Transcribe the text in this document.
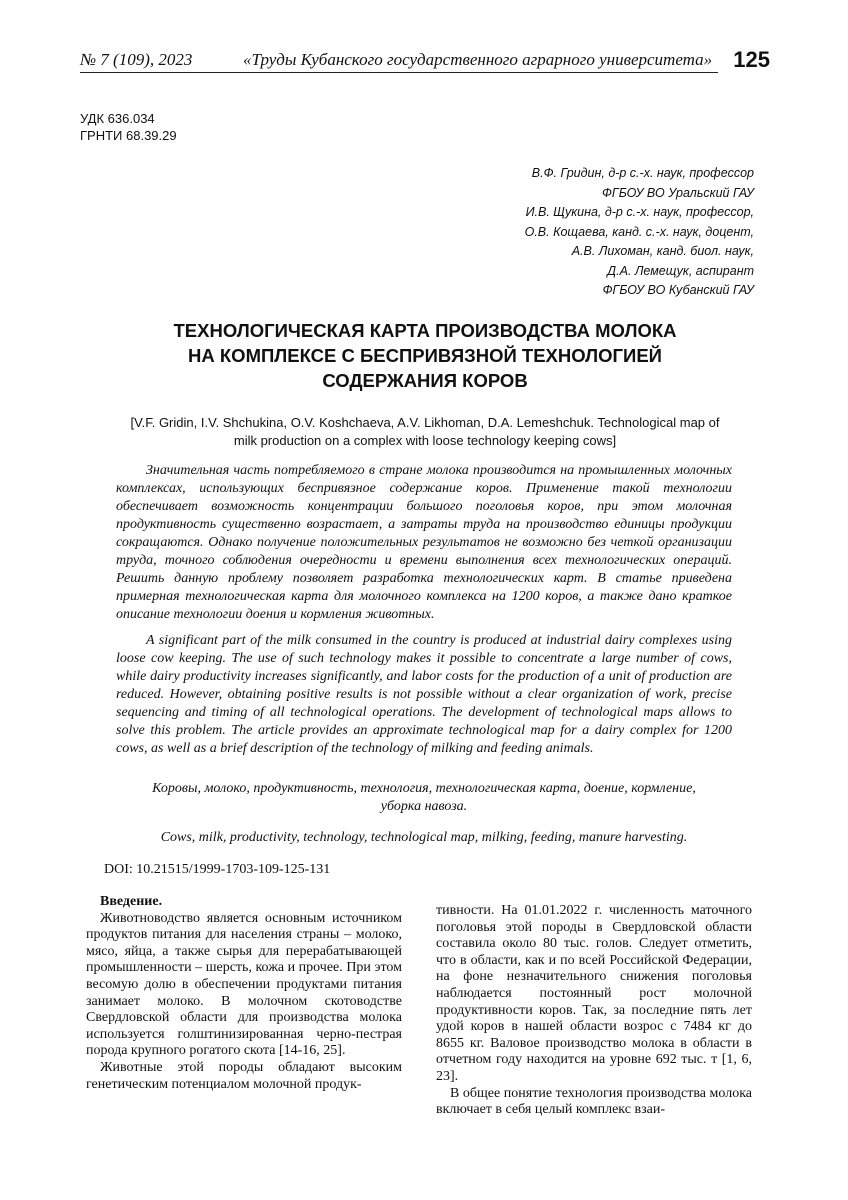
№ 7 (109), 2023	«Труды Кубанского государственного аграрного университета» 125
УДК 636.034
ГРНТИ 68.39.29
В.Ф. Гридин, д-р с.-х. наук, профессор
ФГБОУ ВО Уральский ГАУ
И.В. Щукина, д-р с.-х. наук, профессор,
О.В. Кощаева, канд. с.-х. наук, доцент,
А.В. Лихоман, канд. биол. наук,
Д.А. Лемещук, аспирант
ФГБОУ ВО Кубанский ГАУ
ТЕХНОЛОГИЧЕСКАЯ КАРТА ПРОИЗВОДСТВА МОЛОКА
НА КОМПЛЕКСЕ С БЕСПРИВЯЗНОЙ ТЕХНОЛОГИЕЙ
СОДЕРЖАНИЯ КОРОВ
[V.F. Gridin, I.V. Shchukina, O.V. Koshchaeva, A.V. Likhoman, D.A. Lemeshchuk. Technological map of
milk production on a complex with loose technology keeping cows]

Значительная часть потребляемого в стране молока производится на промышленных молочных комплексах, использующих беспривязное содержание коров. Применение такой технологии обеспечивает возможность концентрации большого поголовья коров, при этом молочная продуктивность существенно возрастает, а затраты труда на производство единицы продукции сокращаются. Однако получение положительных результатов не возможно без четкой организации труда, точного соблюдения очередности и времени выполнения всех технологических операций. Решить данную проблему позволяет разработка технологических карт. В статье приведена примерная технологическая карта для молочного комплекса на 1200 коров, а также дано краткое описание технологии доения и кормления животных.

A significant part of the milk consumed in the country is produced at industrial dairy complexes using loose cow keeping. The use of such technology makes it possible to concentrate a large number of cows, while dairy productivity increases significantly, and labor costs for the production of a unit of production are reduced. However, obtaining positive results is not possible without a clear organization of work, precise sequencing and timing of all technological operations. The development of technological maps allows to solve this problem. The article provides an approximate technological map for a dairy complex for 1200 cows, as well as a brief description of the technology of milking and feeding animals.

Коровы, молоко, продуктивность, технология, технологическая карта, доение, кормление,
уборка навоза.

Cows, milk, productivity, technology, technological map, milking, feeding, manure harvesting.

DOI: 10.21515/1999-1703-109-125-131

Введение.

Животноводство является основным источником продуктов питания для населения страны – молоко, мясо, яйца, а также сырья для перерабатывающей промышленности – шерсть, кожа и прочее. При этом весомую долю в обеспечении продуктами питания занимает молоко. В молочном скотоводстве Свердловской области для производства молока используется голштинизированная черно-пестрая порода крупного рогатого скота [14-16, 25].

Животные этой породы обладают высоким генетическим потенциалом молочной продук-

тивности. На 01.01.2022 г. численность маточного поголовья этой породы в Свердловской области составила около 80 тыс. голов. Следует отметить, что в области, как и по всей Российской Федерации, на фоне незначительного снижения поголовья наблюдается постоянный рост молочной продуктивности коров. Так, за последние пять лет удой коров в нашей области возрос с 7484 кг до 8655 кг. Валовое производство молока в области в отчетном году находится на уровне 692 тыс. т [1, 6, 23].

В общее понятие технология производства молока включает в себя целый комплекс взаи-
